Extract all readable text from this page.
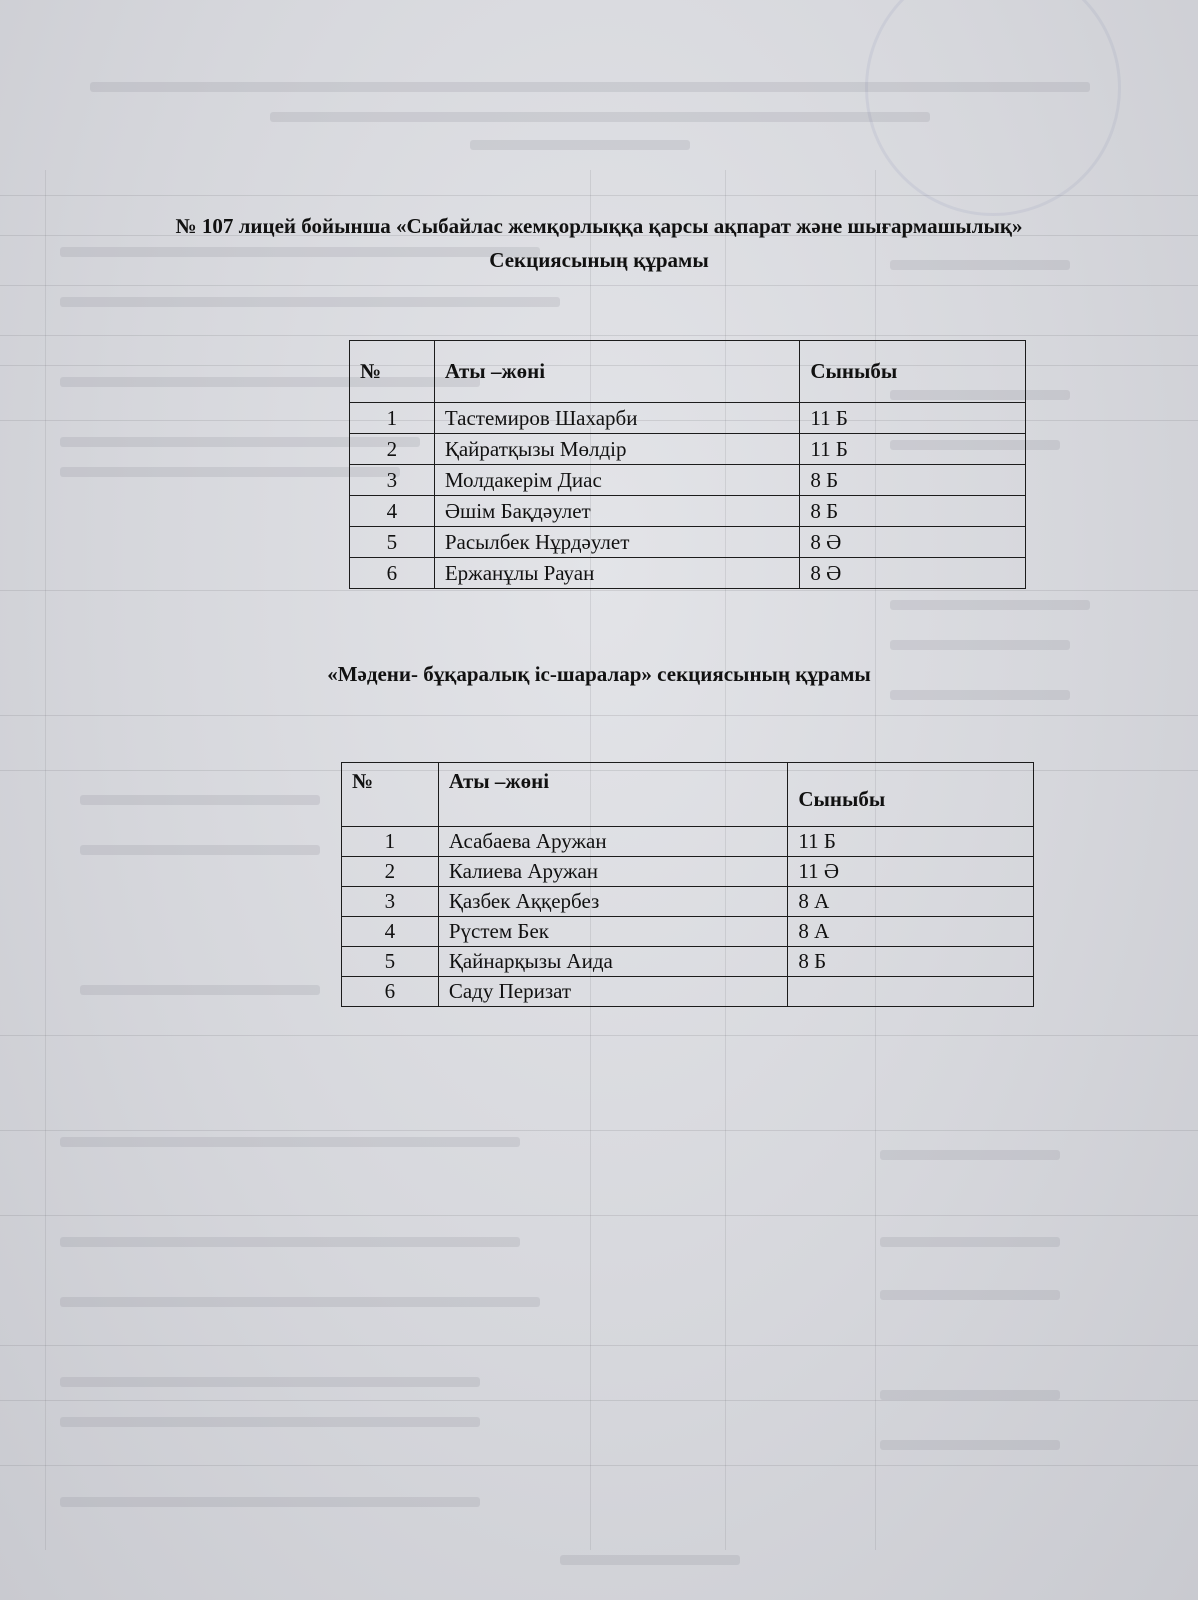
№ 107 лицей бойынша «Сыбайлас жемқорлыққа қарсы ақпарат және шығармашылық»
Секциясының құрамы
№	Аты –жөні	Сыныбы
1	Тастемиров Шахарби	11 Б
2	Қайратқызы Мөлдір	11 Б
3	Молдакерім Диас	8 Б
4	Әшім Бақдәулет	8 Б
5	Расылбек Нұрдәулет	8 Ә
6	Ержанұлы Рауан	8 Ә
«Мәдени- бұқаралық іс-шаралар» секциясының құрамы
№	Аты –жөні	Сыныбы
1	Асабаева Аружан	11 Б
2	Калиева Аружан	11 Ә
3	Қазбек Аққербез	8 А
4	Рүстем Бек	8 А
5	Қайнарқызы Аида	8 Б
6	Саду Перизат	
